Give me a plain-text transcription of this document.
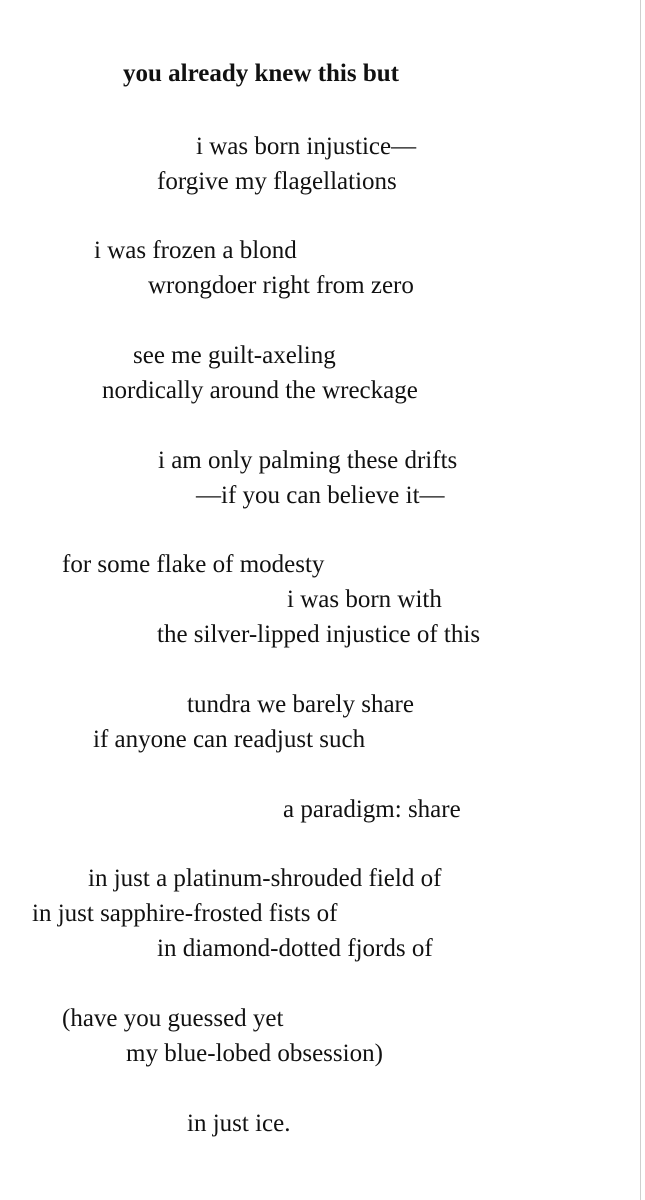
you already knew this but
i was born injustice—
forgive my flagellations
i was frozen a blond
wrongdoer right from zero
see me guilt-axeling
nordically around the wreckage
i am only palming these drifts
—if you can believe it—
for some flake of modesty
i was born with
the silver-lipped injustice of this
tundra we barely share
if anyone can readjust such
a paradigm: share
in just a platinum-shrouded field of
in just sapphire-frosted fists of
in diamond-dotted fjords of
(have you guessed yet
my blue-lobed obsession)
in just ice.
